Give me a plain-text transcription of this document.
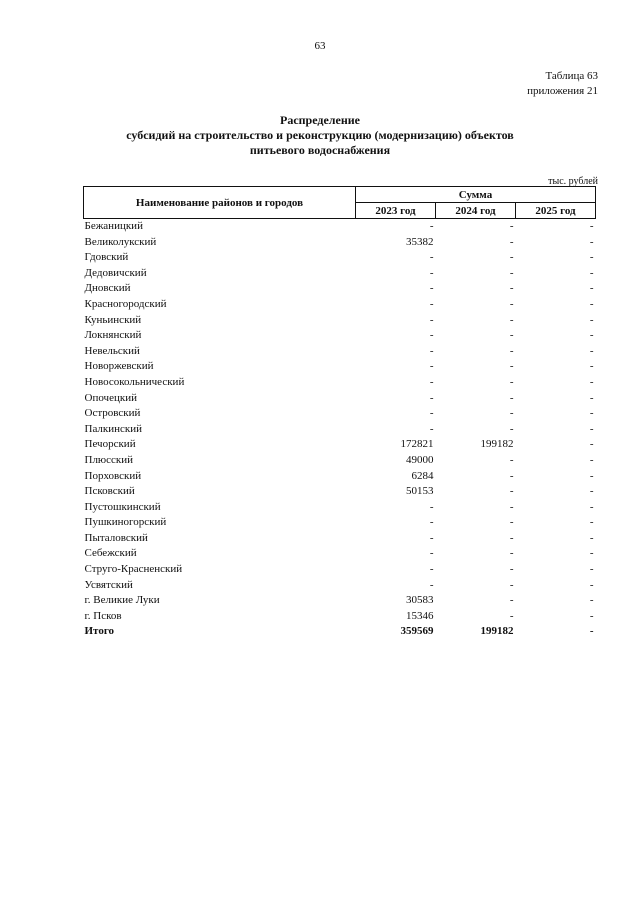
63
Таблица 63
приложения 21
Распределение
субсидий на строительство и реконструкцию (модернизацию) объектов
питьевого водоснабжения
тыс. рублей
Наименование районов и городов	Сумма		
	2023 год	2024 год	2025 год
Бежаницкий	-	-	-
Великолукский	35382	-	-
Гдовский	-	-	-
Дедовичский	-	-	-
Дновский	-	-	-
Красногородский	-	-	-
Куньинский	-	-	-
Локнянский	-	-	-
Невельский	-	-	-
Новоржевский	-	-	-
Новосокольнический	-	-	-
Опочецкий	-	-	-
Островский	-	-	-
Палкинский	-	-	-
Печорский	172821	199182	-
Плюсский	49000	-	-
Порховский	6284	-	-
Псковский	50153	-	-
Пустошкинский	-	-	-
Пушкиногорский	-	-	-
Пыталовский	-	-	-
Себежский	-	-	-
Струго-Красненский	-	-	-
Усвятский	-	-	-
г. Великие Луки	30583	-	-
г. Псков	15346	-	-
Итого	359569	199182	-
